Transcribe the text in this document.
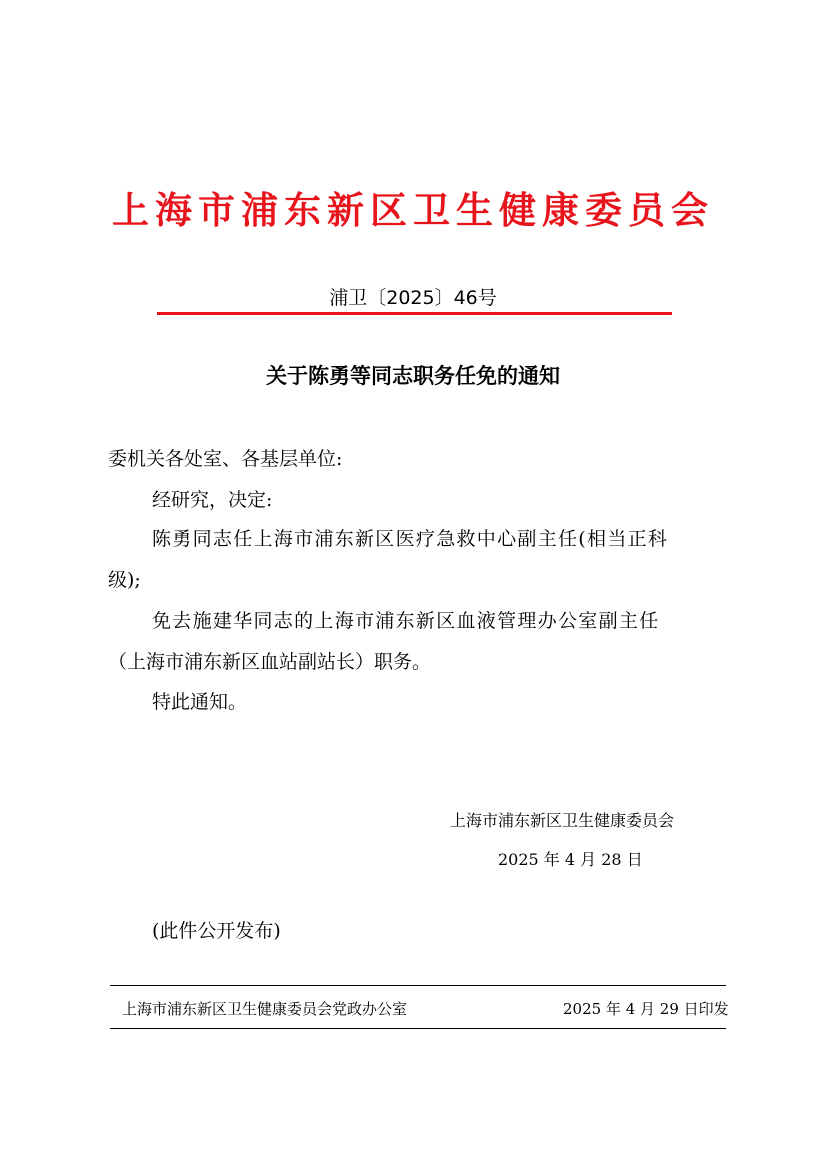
上海市浦东新区卫生健康委员会
浦卫〔2025〕46号
关于陈勇等同志职务任免的通知
委机关各处室、各基层单位:
经研究，决定:
陈勇同志任上海市浦东新区医疗急救中心副主任(相当正科
级);
免去施建华同志的上海市浦东新区血液管理办公室副主任
（上海市浦东新区血站副站长）职务。
特此通知。
上海市浦东新区卫生健康委员会
2025 年 4 月 28 日
(此件公开发布)
上海市浦东新区卫生健康委员会党政办公室	2025 年 4 月 29 日印发
